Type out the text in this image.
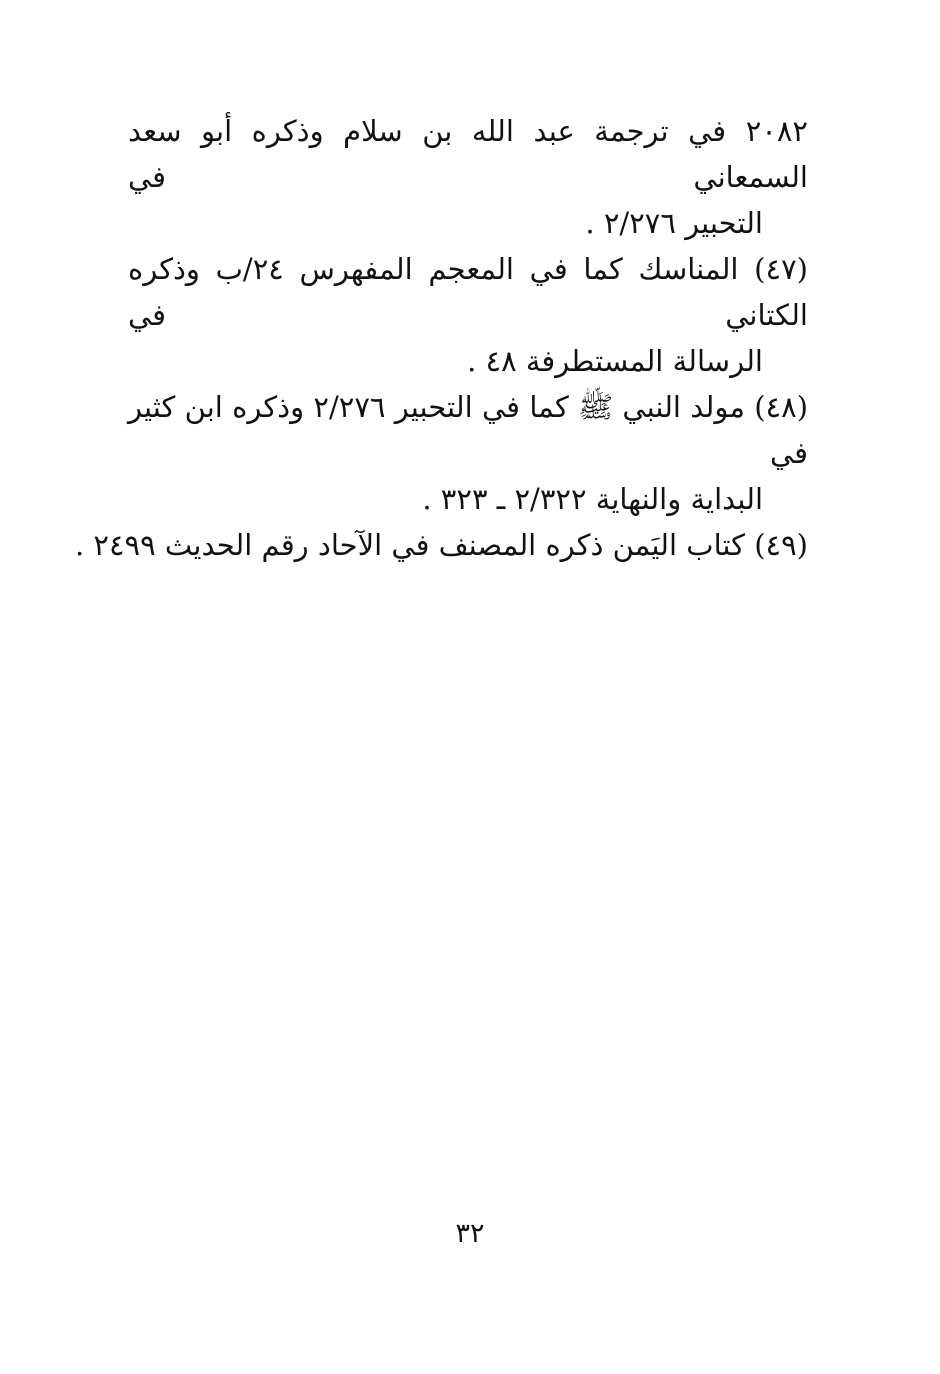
٢٠٨٢ في ترجمة عبد الله بن سلام وذكره أبو سعد السمعاني في
التحبير ٢/٢٧٦ .

(٤٧) المناسك كما في المعجم المفهرس ٢٤/ب وذكره الكتاني في
الرسالة المستطرفة ٤٨ .

(٤٨) مولد النبي ﷺ كما في التحبير ٢/٢٧٦ وذكره ابن كثير في
البداية والنهاية ٢/٣٢٢ ـ ٣٢٣ .

(٤٩) كتاب اليَمن ذكره المصنف في الآحاد رقم الحديث ٢٤٩٩ .

٣٢
